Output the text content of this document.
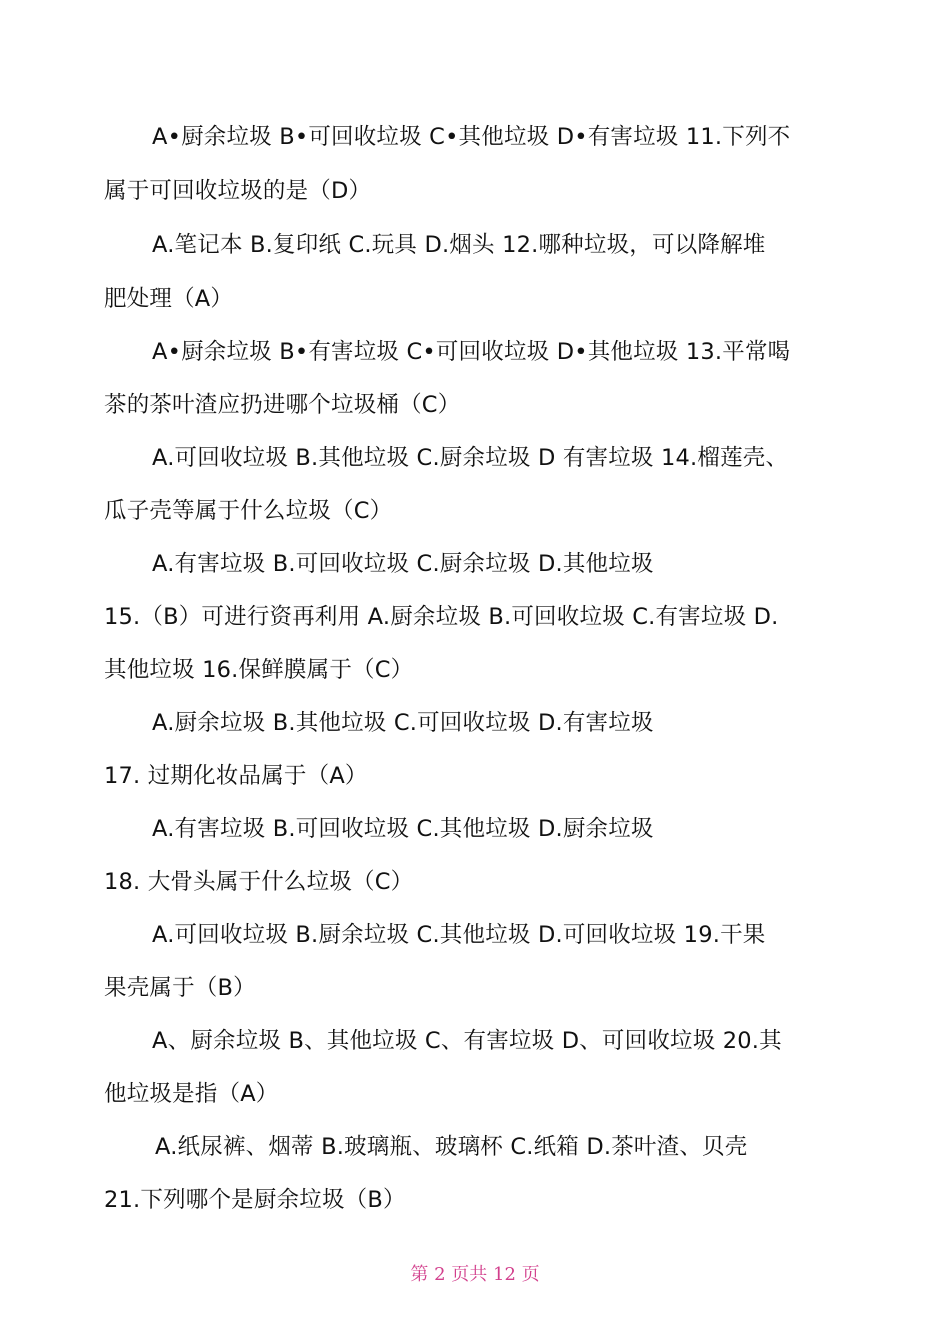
A•厨余垃圾 B•可回收垃圾 C•其他垃圾 D•有害垃圾 11.下列不
属于可回收垃圾的是（D）
A.笔记本 B.复印纸 C.玩具 D.烟头 12.哪种垃圾，可以降解堆
肥处理（A）
A•厨余垃圾 B•有害垃圾 C•可回收垃圾 D•其他垃圾 13.平常喝
茶的茶叶渣应扔进哪个垃圾桶（C）
A.可回收垃圾 B.其他垃圾 C.厨余垃圾 D 有害垃圾 14.榴莲壳、
瓜子壳等属于什么垃圾（C）
A.有害垃圾 B.可回收垃圾 C.厨余垃圾 D.其他垃圾
15.（B）可进行资再利用 A.厨余垃圾 B.可回收垃圾 C.有害垃圾 D.
其他垃圾 16.保鲜膜属于（C）
A.厨余垃圾 B.其他垃圾 C.可回收垃圾 D.有害垃圾
17. 过期化妆品属于（A）
A.有害垃圾 B.可回收垃圾 C.其他垃圾 D.厨余垃圾
18. 大骨头属于什么垃圾（C）
A.可回收垃圾 B.厨余垃圾 C.其他垃圾 D.可回收垃圾 19.干果
果壳属于（B）
A、厨余垃圾 B、其他垃圾 C、有害垃圾 D、可回收垃圾 20.其
他垃圾是指（A）
A.纸尿裤、烟蒂 B.玻璃瓶、玻璃杯 C.纸箱 D.茶叶渣、贝壳
21.下列哪个是厨余垃圾（B）
第 2 页共 12 页
